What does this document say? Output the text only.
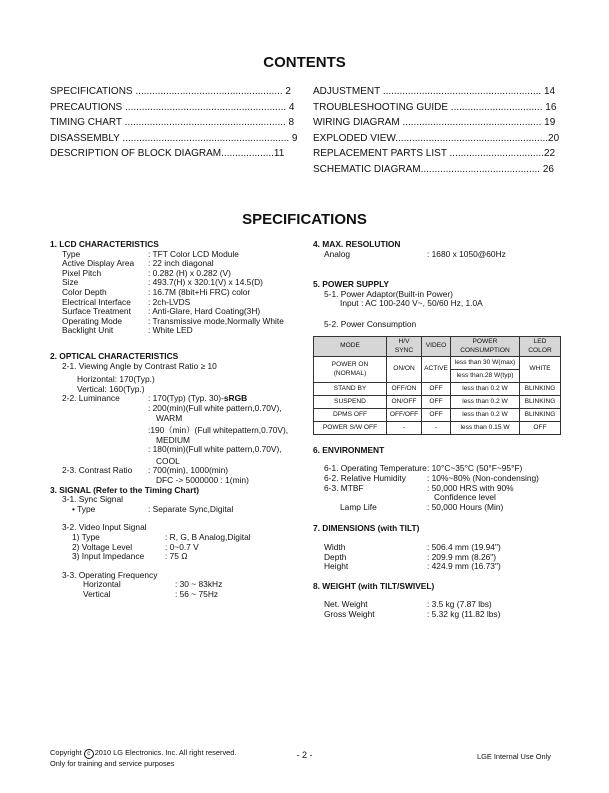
CONTENTS
SPECIFICATIONS ..................................................... 2
PRECAUTIONS .......................................................... 4
TIMING CHART .......................................................... 8
DISASSEMBLY ............................................................ 9
DESCRIPTION OF BLOCK DIAGRAM...................11
ADJUSTMENT ......................................................... 14
TROUBLESHOOTING GUIDE ................................. 16
WIRING DIAGRAM .................................................. 19
EXPLODED VIEW.......................................................20
REPLACEMENT PARTS LIST ..................................22
SCHEMATIC DIAGRAM........................................... 26
SPECIFICATIONS
1. LCD CHARACTERISTICS
Type	: TFT Color LCD Module
Active Display Area : 22 inch diagonal
Pixel Pitch	: 0.282 (H) x 0.282 (V)
Size	: 493.7(H) x 320.1(V) x 14.5(D)
Color Depth	: 16.7M (8bit+Hi FRC) color
Electrical Interface : 2ch-LVDS
Surface Treatment : Anti-Glare, Hard Coating(3H)
Operating Mode	: Transmissive mode,Normally White
Backlight Unit	: White LED
2. OPTICAL CHARACTERISTICS
2-1. Viewing Angle by Contrast Ratio ≥ 10
Horizontal: 170(Typ.)
Vertical: 160(Typ.)
2-2. Luminance	: 170(Typ) (Typ. 30)-sRGB
: 200(min)(Full white pattern,0.70V),
WARM
:190（min）(Full whitepattern,0.70V),
MEDIUM
: 180(min)(Full white pattern,0.70V),
COOL
2-3. Contrast Ratio : 700(min), 1000(min)
DFC -> 5000000 : 1(min)
3. SIGNAL (Refer to the Timing Chart)
3-1. Sync Signal
• Type	: Separate Sync,Digital
3-2. Video Input Signal
1) Type	: R, G, B Analog,Digital
2) Voltage Level	: 0~0.7 V
3) Input Impedance : 75 Ω
3-3. Operating Frequency
Horizontal	: 30 ~ 83kHz
Vertical	: 56 ~ 75Hz
4. MAX. RESOLUTION
Analog	: 1680 x 1050@60Hz
5. POWER SUPPLY
5-1. Power Adaptor(Built-in Power)
Input : AC 100-240 V~, 50/60 Hz, 1.0A
5-2. Power Consumption
MODE	H/V SYNC	VIDEO	POWER CONSUMPTION	LED COLOR
POWER ON (NORMAL)	ON/ON	ACTIVE	less than 30 W(max)	WHITE
			less than.28 W(typ)	
STAND BY	OFF/ON	OFF	less than 0.2 W	BLINKING
SUSPEND	ON/OFF	OFF	less than 0.2 W	BLINKING
DPMS OFF	OFF/OFF	OFF	less than 0.2 W	BLINKING
POWER S/W OFF	-	-	less than 0.15 W	OFF
6. ENVIRONMENT
6-1. Operating Temperature : 10°C~35°C (50°F~95°F)
6-2. Relative Humidity	: 10%~80% (Non-condensing)
6-3. MTBF	: 50,000 HRS with 90%
Confidence level
Lamp Life	: 50,000 Hours (Min)
7. DIMENSIONS (with TILT)
Width	: 506.4 mm (19.94")
Depth	: 209.9 mm (8.26")
Height	: 424.9 mm (16.73")
8. WEIGHT (with TILT/SWIVEL)
Net. Weight	: 3.5 kg (7.87 lbs)
Gross Weight	: 5.32 kg (11.82 lbs)
Copyright c 2010 LG Electronics. Inc. All right reserved.
Only for training and service purposes
- 2 -	LGE Internal Use Only
